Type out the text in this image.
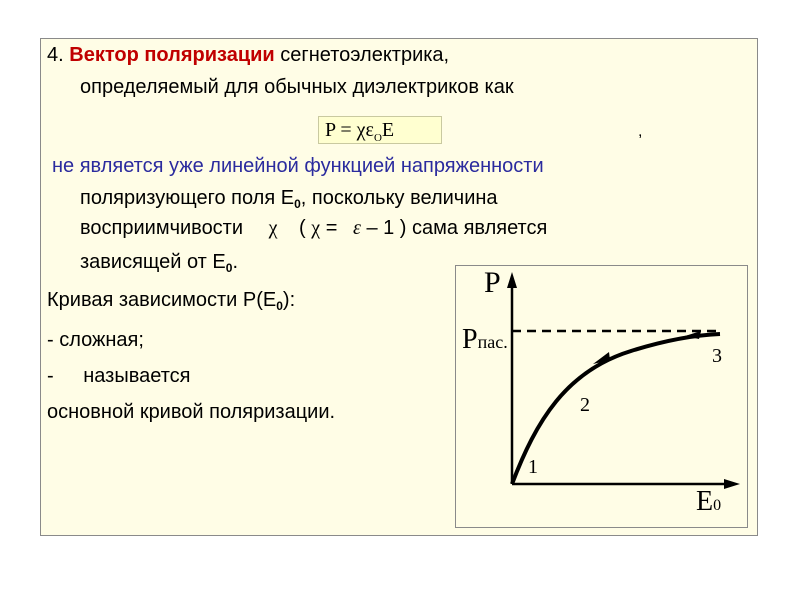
4. Вектор поляризации сегнетоэлектрика,
определяемый для обычных диэлектриков как
$P = \chi\varepsilon_OE$	,
не является уже линейной функцией напряженности
поляризующего поля $E_0$, поскольку величина
восприимчивости χ ( χ = ε – 1 ) сама является
зависящей от $E_0$.
Кривая зависимости $P(E_0)$:
- сложная;
- называется
основной кривой поляризации.
P
Pпас.
1
2
3
E0
